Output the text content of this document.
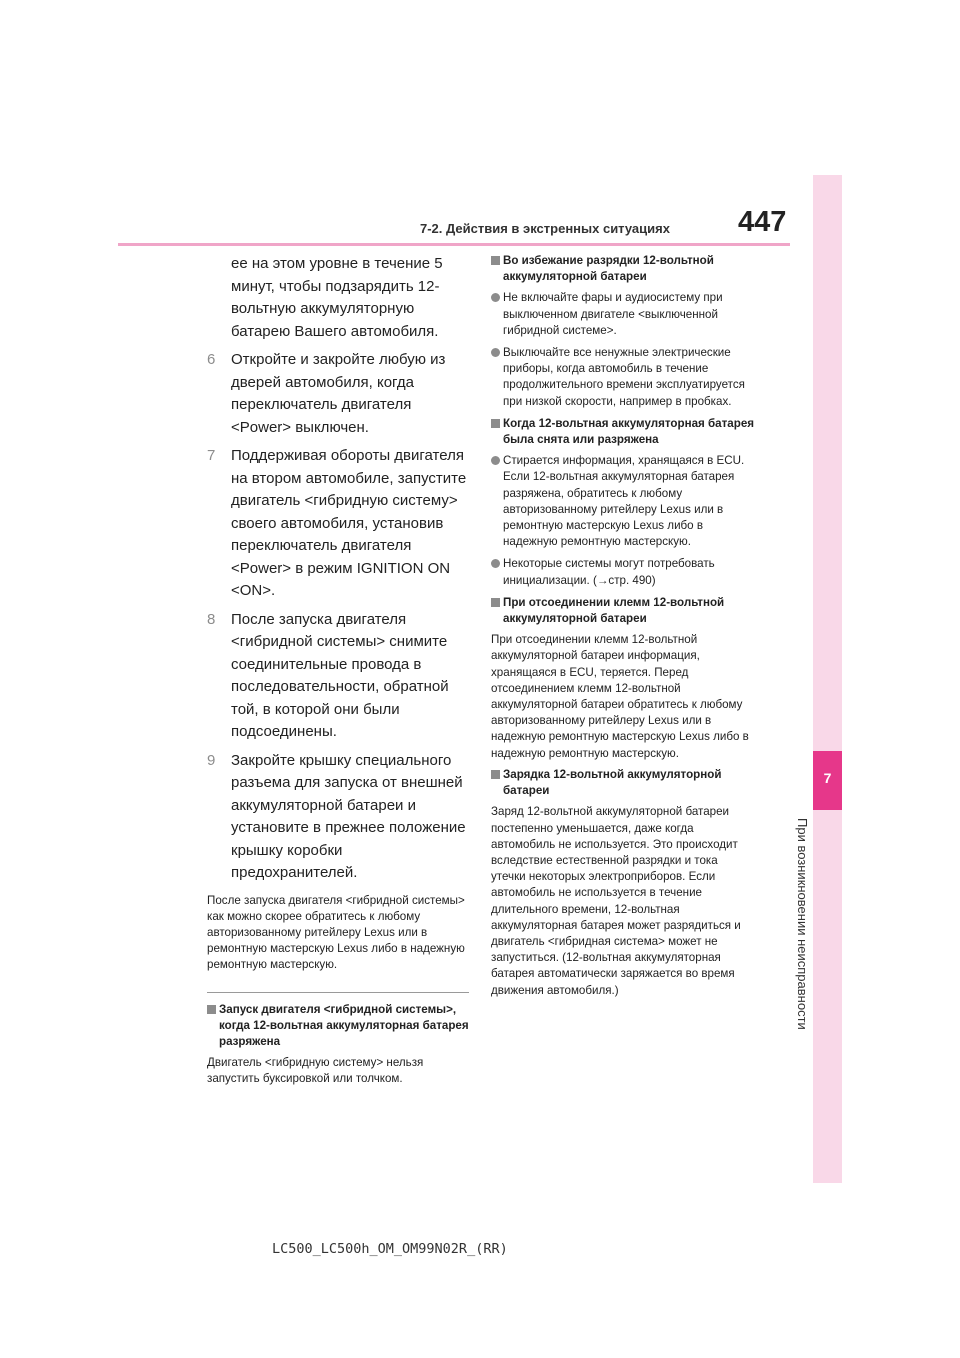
7-2. Действия в экстренных ситуациях 447
7
При возникновении неисправности
ее на этом уровне в течение 5 минут, чтобы подзарядить 12-вольтную аккумуляторную батарею Вашего автомобиля.
6 Откройте и закройте любую из дверей автомобиля, когда переключатель двигателя <Power> выключен.
7 Поддерживая обороты двигателя на втором автомобиле, запустите двигатель <гибридную систему> своего автомобиля, установив переключатель двигателя <Power> в режим IGNITION ON <ON>.
8 После запуска двигателя <гибридной системы> снимите соединительные провода в последовательности, обратной той, в которой они были подсоединены.
9 Закройте крышку специального разъема для запуска от внешней аккумуляторной батареи и установите в прежнее положение крышку коробки предохранителей.
После запуска двигателя <гибридной системы> как можно скорее обратитесь к любому авторизованному ритейлеру Lexus или в ремонтную мастерскую Lexus либо в надежную ремонтную мастерскую.
Запуск двигателя <гибридной системы>, когда 12-вольтная аккумуляторная батарея разряжена
Двигатель <гибридную систему> нельзя запустить буксировкой или толчком.
Во избежание разрядки 12-вольтной аккумуляторной батареи
Не включайте фары и аудиосистему при выключенном двигателе <выключенной гибридной системе>.
Выключайте все ненужные электрические приборы, когда автомобиль в течение продолжительного времени эксплуатируется при низкой скорости, например в пробках.
Когда 12-вольтная аккумуляторная батарея была снята или разряжена
Стирается информация, хранящаяся в ECU. Если 12-вольтная аккумуляторная батарея разряжена, обратитесь к любому авторизованному ритейлеру Lexus или в ремонтную мастерскую Lexus либо в надежную ремонтную мастерскую.
Некоторые системы могут потребовать инициализации. (→стр. 490)
При отсоединении клемм 12-вольтной аккумуляторной батареи
При отсоединении клемм 12-вольтной аккумуляторной батареи информация, хранящаяся в ECU, теряется. Перед отсоединением клемм 12-вольтной аккумуляторной батареи обратитесь к любому авторизованному ритейлеру Lexus или в надежную ремонтную мастерскую Lexus либо в надежную ремонтную мастерскую.
Зарядка 12-вольтной аккумуляторной батареи
Заряд 12-вольтной аккумуляторной батареи постепенно уменьшается, даже когда автомобиль не используется. Это происходит вследствие естественной разрядки и тока утечки некоторых электроприборов. Если автомобиль не используется в течение длительного времени, 12-вольтная аккумуляторная батарея может разрядиться и двигатель <гибридная система> может не запуститься. (12-вольтная аккумуляторная батарея автоматически заряжается во время движения автомобиля.)
LC500_LC500h_OM_OM99N02R_(RR)
